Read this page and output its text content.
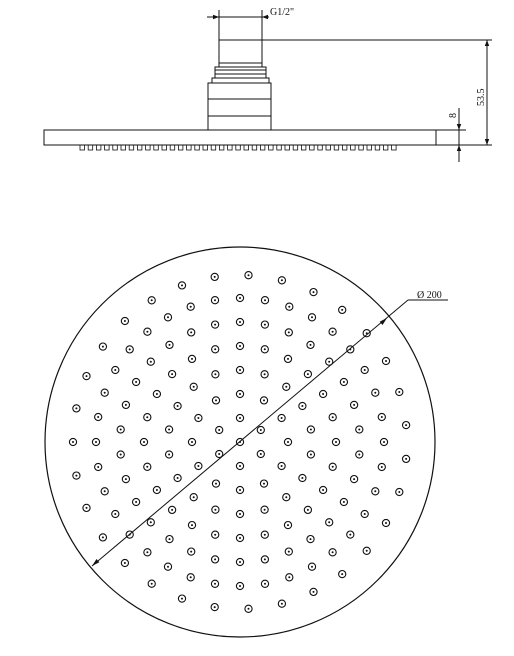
G1/2"
53.5
8
Ø 200
